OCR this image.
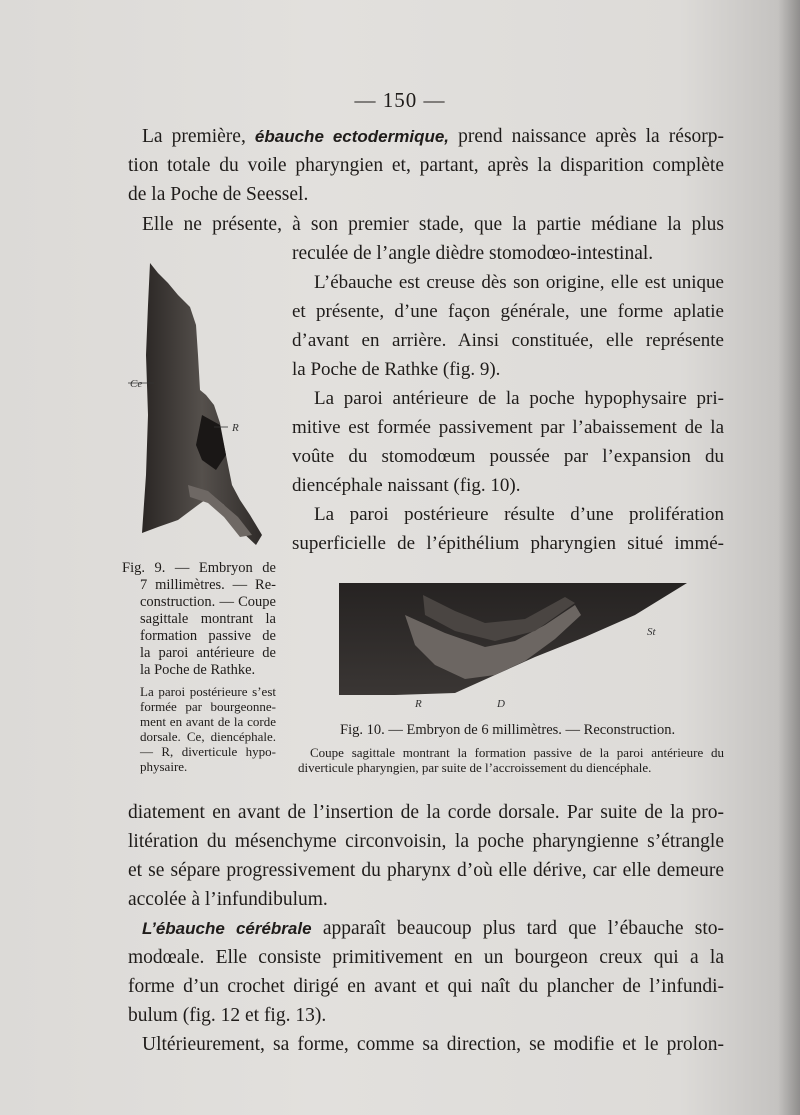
— 150 —
La première, ébauche ectodermique, prend naissance après la résorp-
tion totale du voile pharyngien et, partant, après la disparition complète
de la Poche de Seessel.
Elle ne présente, à son premier stade, que la partie médiane la plus
reculée de l’angle dièdre stomodœo-intestinal.
L’ébauche est creuse dès son origine, elle est unique
et présente, d’une façon générale, une forme aplatie
d’avant en arrière. Ainsi constituée, elle représente
la Poche de Rathke (fig. 9).
La paroi antérieure de la poche hypophysaire pri-
mitive est formée passivement par l’abaissement de la
voûte du stomodœum poussée par l’expansion du
diencéphale naissant (fig. 10).
La paroi postérieure résulte d’une prolifération
superficielle de l’épithélium pharyngien situé immé-
Ce
R
Fig. 9. — Embryon de
7 millimètres. — Re-
construction. — Coupe
sagittale montrant la
formation passive de
la paroi antérieure de
la Poche de Rathke.
La paroi postérieure s’est
formée par bourgeonne-
ment en avant de la corde
dorsale. Ce, diencéphale.
— R, diverticule hypo-
physaire.
St
R	D
Fig. 10. — Embryon de 6 millimètres. — Reconstruction.
Coupe sagittale montrant la formation passive de la paroi antérieure du
diverticule pharyngien, par suite de l’accroissement du diencéphale.
diatement en avant de l’insertion de la corde dorsale. Par suite de la pro-
litération du mésenchyme circonvoisin, la poche pharyngienne s’étrangle
et se sépare progressivement du pharynx d’où elle dérive, car elle demeure
accolée à l’infundibulum.
L’ébauche cérébrale apparaît beaucoup plus tard que l’ébauche sto-
modœale. Elle consiste primitivement en un bourgeon creux qui a la
forme d’un crochet dirigé en avant et qui naît du plancher de l’infundi-
bulum (fig. 12 et fig. 13).
Ultérieurement, sa forme, comme sa direction, se modifie et le prolon-
